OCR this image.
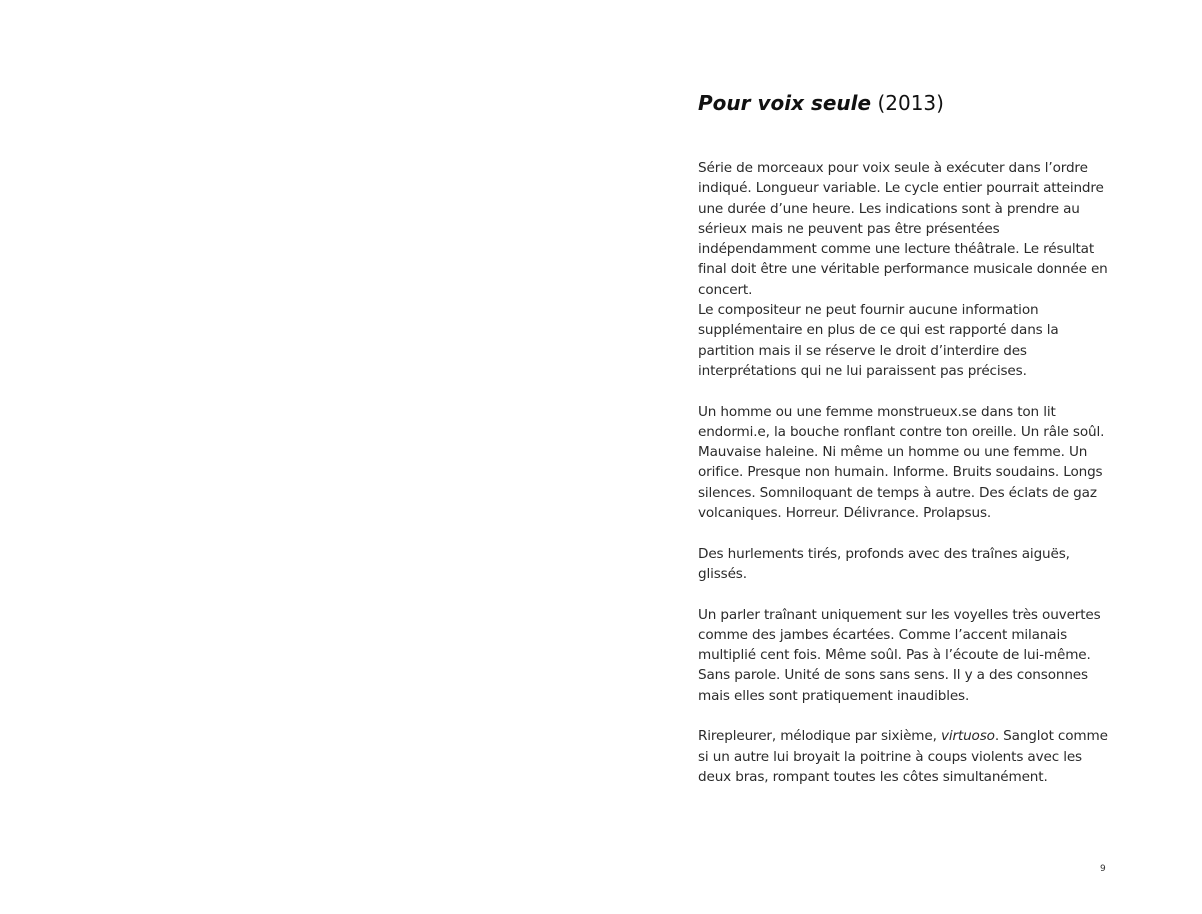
Pour voix seule (2013)

Série de morceaux pour voix seule à exécuter dans l’ordre indiqué. Longueur variable. Le cycle entier pourrait atteindre une durée d’une heure. Les indications sont à prendre au sérieux mais ne peuvent pas être présentées indépendamment comme une lecture théâtrale. Le résultat final doit être une véritable performance musicale donnée en concert.

Le compositeur ne peut fournir aucune information supplémentaire en plus de ce qui est rapporté dans la partition mais il se réserve le droit d’interdire des interprétations qui ne lui paraissent pas précises.

Un homme ou une femme monstrueux.se dans ton lit endormi.e, la bouche ronflant contre ton oreille. Un râle soûl. Mauvaise haleine. Ni même un homme ou une femme. Un orifice. Presque non humain. Informe. Bruits soudains. Longs silences. Somniloquant de temps à autre. Des éclats de gaz volcaniques. Horreur. Délivrance. Prolapsus.

Des hurlements tirés, profonds avec des traînes aiguës, glissés.

Un parler traînant uniquement sur les voyelles très ouvertes comme des jambes écartées. Comme l’accent milanais multiplié cent fois. Même soûl. Pas à l’écoute de lui-même. Sans parole. Unité de sons sans sens. Il y a des consonnes mais elles sont pratiquement inaudibles.

Rirepleurer, mélodique par sixième, virtuoso. Sanglot comme si un autre lui broyait la poitrine à coups violents avec les deux bras, rompant toutes les côtes simultanément.

9
